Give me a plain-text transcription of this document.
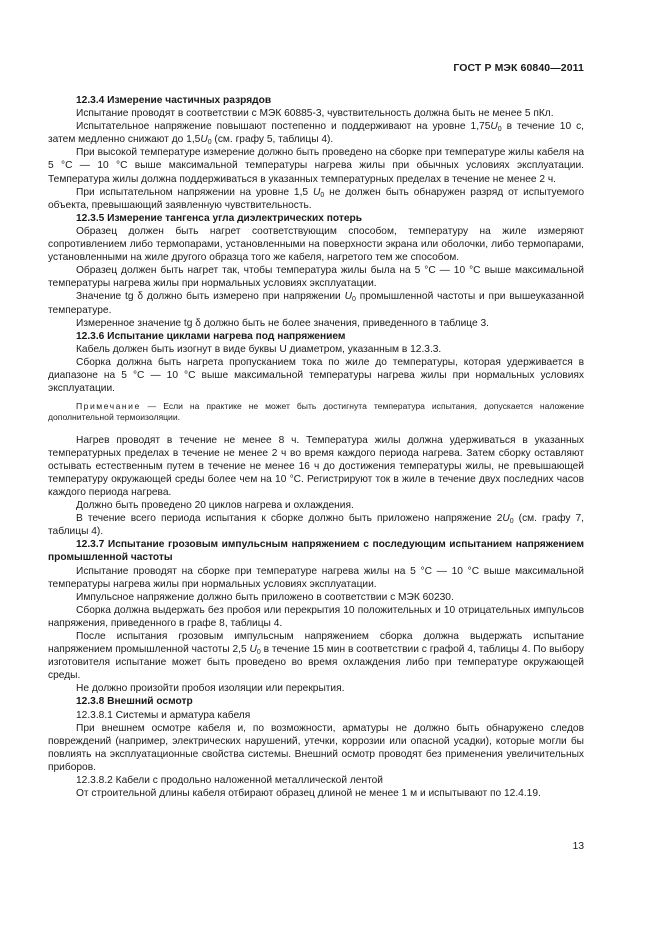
ГОСТ Р МЭК 60840—2011

12.3.4 Измерение частичных разрядов

Испытание проводят в соответствии с МЭК 60885-3, чувствительность должна быть не менее 5 пКл.

Испытательное напряжение повышают постепенно и поддерживают на уровне $1,75U_0$ в течение 10 с, затем медленно снижают до $1,5U_0$ (см. графу 5, таблицы 4).

При высокой температуре измерение должно быть проведено на сборке при температуре жилы кабеля на 5 °С — 10 °С выше максимальной температуры нагрева жилы при обычных условиях эксплуатации. Температура жилы должна поддерживаться в указанных температурных пределах в течение не менее 2 ч.

При испытательном напряжении на уровне 1,5 $U_0$ не должен быть обнаружен разряд от испытуемого объекта, превышающий заявленную чувствительность.

12.3.5 Измерение тангенса угла диэлектрических потерь

Образец должен быть нагрет соответствующим способом, температуру на жиле измеряют сопротивлением либо термопарами, установленными на поверхности экрана или оболочки, либо термопарами, установленными на жиле другого образца того же кабеля, нагретого тем же способом.

Образец должен быть нагрет так, чтобы температура жилы была на 5 °С — 10 °С выше максимальной температуры нагрева жилы при нормальных условиях эксплуатации.

Значение tg δ должно быть измерено при напряжении $U_0$ промышленной частоты и при вышеуказанной температуре.

Измеренное значение tg δ должно быть не более значения, приведенного в таблице 3.

12.3.6 Испытание циклами нагрева под напряжением

Кабель должен быть изогнут в виде буквы U диаметром, указанным в 12.3.3.

Сборка должна быть нагрета пропусканием тока по жиле до температуры, которая удерживается в диапазоне на 5 °С — 10 °С выше максимальной температуры нагрева жилы при нормальных условиях эксплуатации.

Примечание — Если на практике не может быть достигнута температура испытания, допускается наложение дополнительной термоизоляции.

Нагрев проводят в течение не менее 8 ч. Температура жилы должна удерживаться в указанных температурных пределах в течение не менее 2 ч во время каждого периода нагрева. Затем сборку оставляют остывать естественным путем в течение не менее 16 ч до достижения температуры жилы, не превышающей температуру окружающей среды более чем на 10 °С. Регистрируют ток в жиле в течение двух последних часов каждого периода нагрева.

Должно быть проведено 20 циклов нагрева и охлаждения.

В течение всего периода испытания к сборке должно быть приложено напряжение $2U_0$ (см. графу 7, таблицы 4).

12.3.7 Испытание грозовым импульсным напряжением с последующим испытанием напряжением промышленной частоты

Испытание проводят на сборке при температуре нагрева жилы на 5 °С — 10 °С выше максимальной температуры нагрева жилы при нормальных условиях эксплуатации.

Импульсное напряжение должно быть приложено в соответствии с МЭК 60230.

Сборка должна выдержать без пробоя или перекрытия 10 положительных и 10 отрицательных импульсов напряжения, приведенного в графе 8, таблицы 4.

После испытания грозовым импульсным напряжением сборка должна выдержать испытание напряжением промышленной частоты 2,5 $U_0$ в течение 15 мин в соответствии с графой 4, таблицы 4. По выбору изготовителя испытание может быть проведено во время охлаждения либо при температуре окружающей среды.

Не должно произойти пробоя изоляции или перекрытия.

12.3.8 Внешний осмотр

12.3.8.1 Системы и арматура кабеля

При внешнем осмотре кабеля и, по возможности, арматуры не должно быть обнаружено следов повреждений (например, электрических нарушений, утечки, коррозии или опасной усадки), которые могли бы повлиять на эксплуатационные свойства системы. Внешний осмотр проводят без применения увеличительных приборов.

12.3.8.2 Кабели с продольно наложенной металлической лентой

От строительной длины кабеля отбирают образец длиной не менее 1 м и испытывают по 12.4.19.

13
